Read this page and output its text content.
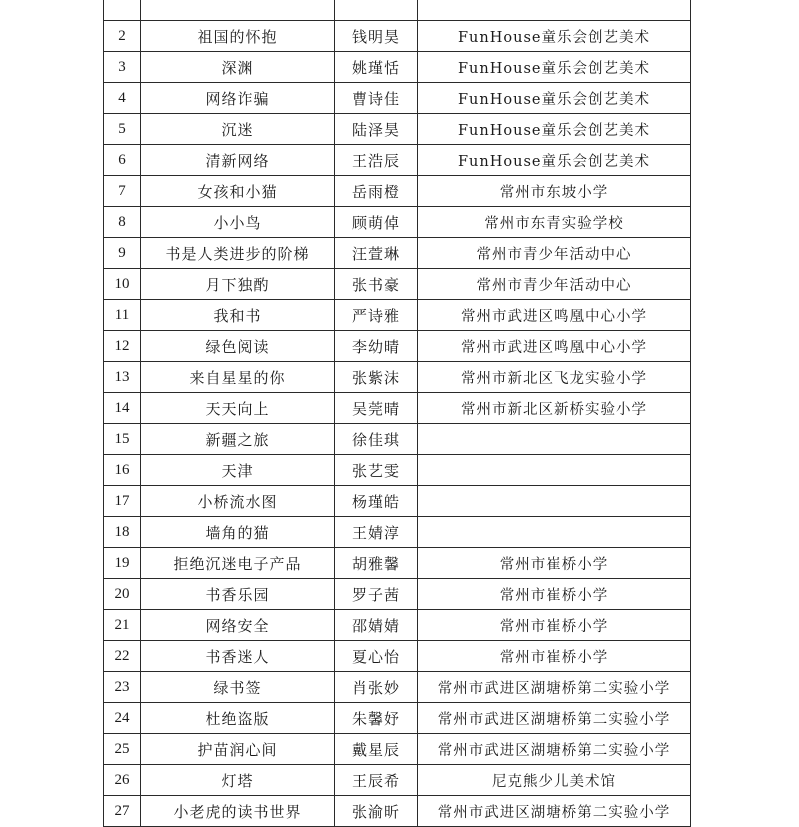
2	祖国的怀抱	钱明昊	FunHouse童乐会创艺美术
3	深渊	姚瑾恬	FunHouse童乐会创艺美术
4	网络诈骗	曹诗佳	FunHouse童乐会创艺美术
5	沉迷	陆泽昊	FunHouse童乐会创艺美术
6	清新网络	王浩辰	FunHouse童乐会创艺美术
7	女孩和小猫	岳雨橙	常州市东坡小学
8	小小鸟	顾萌倬	常州市东青实验学校
9	书是人类进步的阶梯	汪萱琳	常州市青少年活动中心
10	月下独酌	张书豪	常州市青少年活动中心
11	我和书	严诗雅	常州市武进区鸣凰中心小学
12	绿色阅读	李幼晴	常州市武进区鸣凰中心小学
13	来自星星的你	张紫沫	常州市新北区飞龙实验小学
14	天天向上	吴莞晴	常州市新北区新桥实验小学
15	新疆之旅	徐佳琪	
16	天津	张艺雯	
17	小桥流水图	杨瑾皓	
18	墙角的猫	王婧淳	
19	拒绝沉迷电子产品	胡雅馨	常州市崔桥小学
20	书香乐园	罗子茜	常州市崔桥小学
21	网络安全	邵婧婧	常州市崔桥小学
22	书香迷人	夏心怡	常州市崔桥小学
23	绿书签	肖张妙	常州市武进区湖塘桥第二实验小学
24	杜绝盗版	朱馨妤	常州市武进区湖塘桥第二实验小学
25	护苗润心间	戴星辰	常州市武进区湖塘桥第二实验小学
26	灯塔	王辰希	尼克熊少儿美术馆
27	小老虎的读书世界	张渝昕	常州市武进区湖塘桥第二实验小学
